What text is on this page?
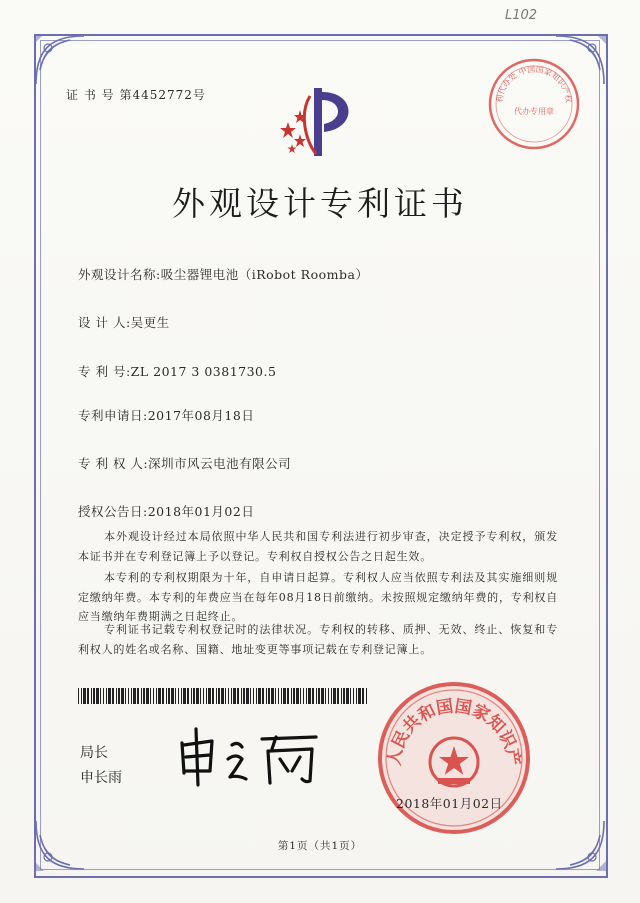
L102
证 书 号 第4452772号	利代办处 中国国家知识产权
代办专用章
外观设计专利证书
外观设计名称:吸尘器锂电池（iRobot Roomba）
设 计 人:吴更生
专 利 号:ZL 2017 3 0381730.5
专利申请日:2017年08月18日
专 利 权 人:深圳市风云电池有限公司
授权公告日:2018年01月02日
本外观设计经过本局依照中华人民共和国专利法进行初步审查，决定授予专利权，颁发本证书并在专利登记簿上予以登记。专利权自授权公告之日起生效。
本专利的专利权期限为十年，自申请日起算。专利权人应当依照专利法及其实施细则规定缴纳年费。本专利的年费应当在每年08月18日前缴纳。未按照规定缴纳年费的，专利权自应当缴纳年费期满之日起终止。
专利证书记载专利权登记时的法律状况。专利权的转移、质押、无效、终止、恢复和专利权人的姓名或名称、国籍、地址变更等事项记载在专利登记簿上。
局长
申长雨
人民共和国国家知识产
2018年01月02日
第1页（共1页）
